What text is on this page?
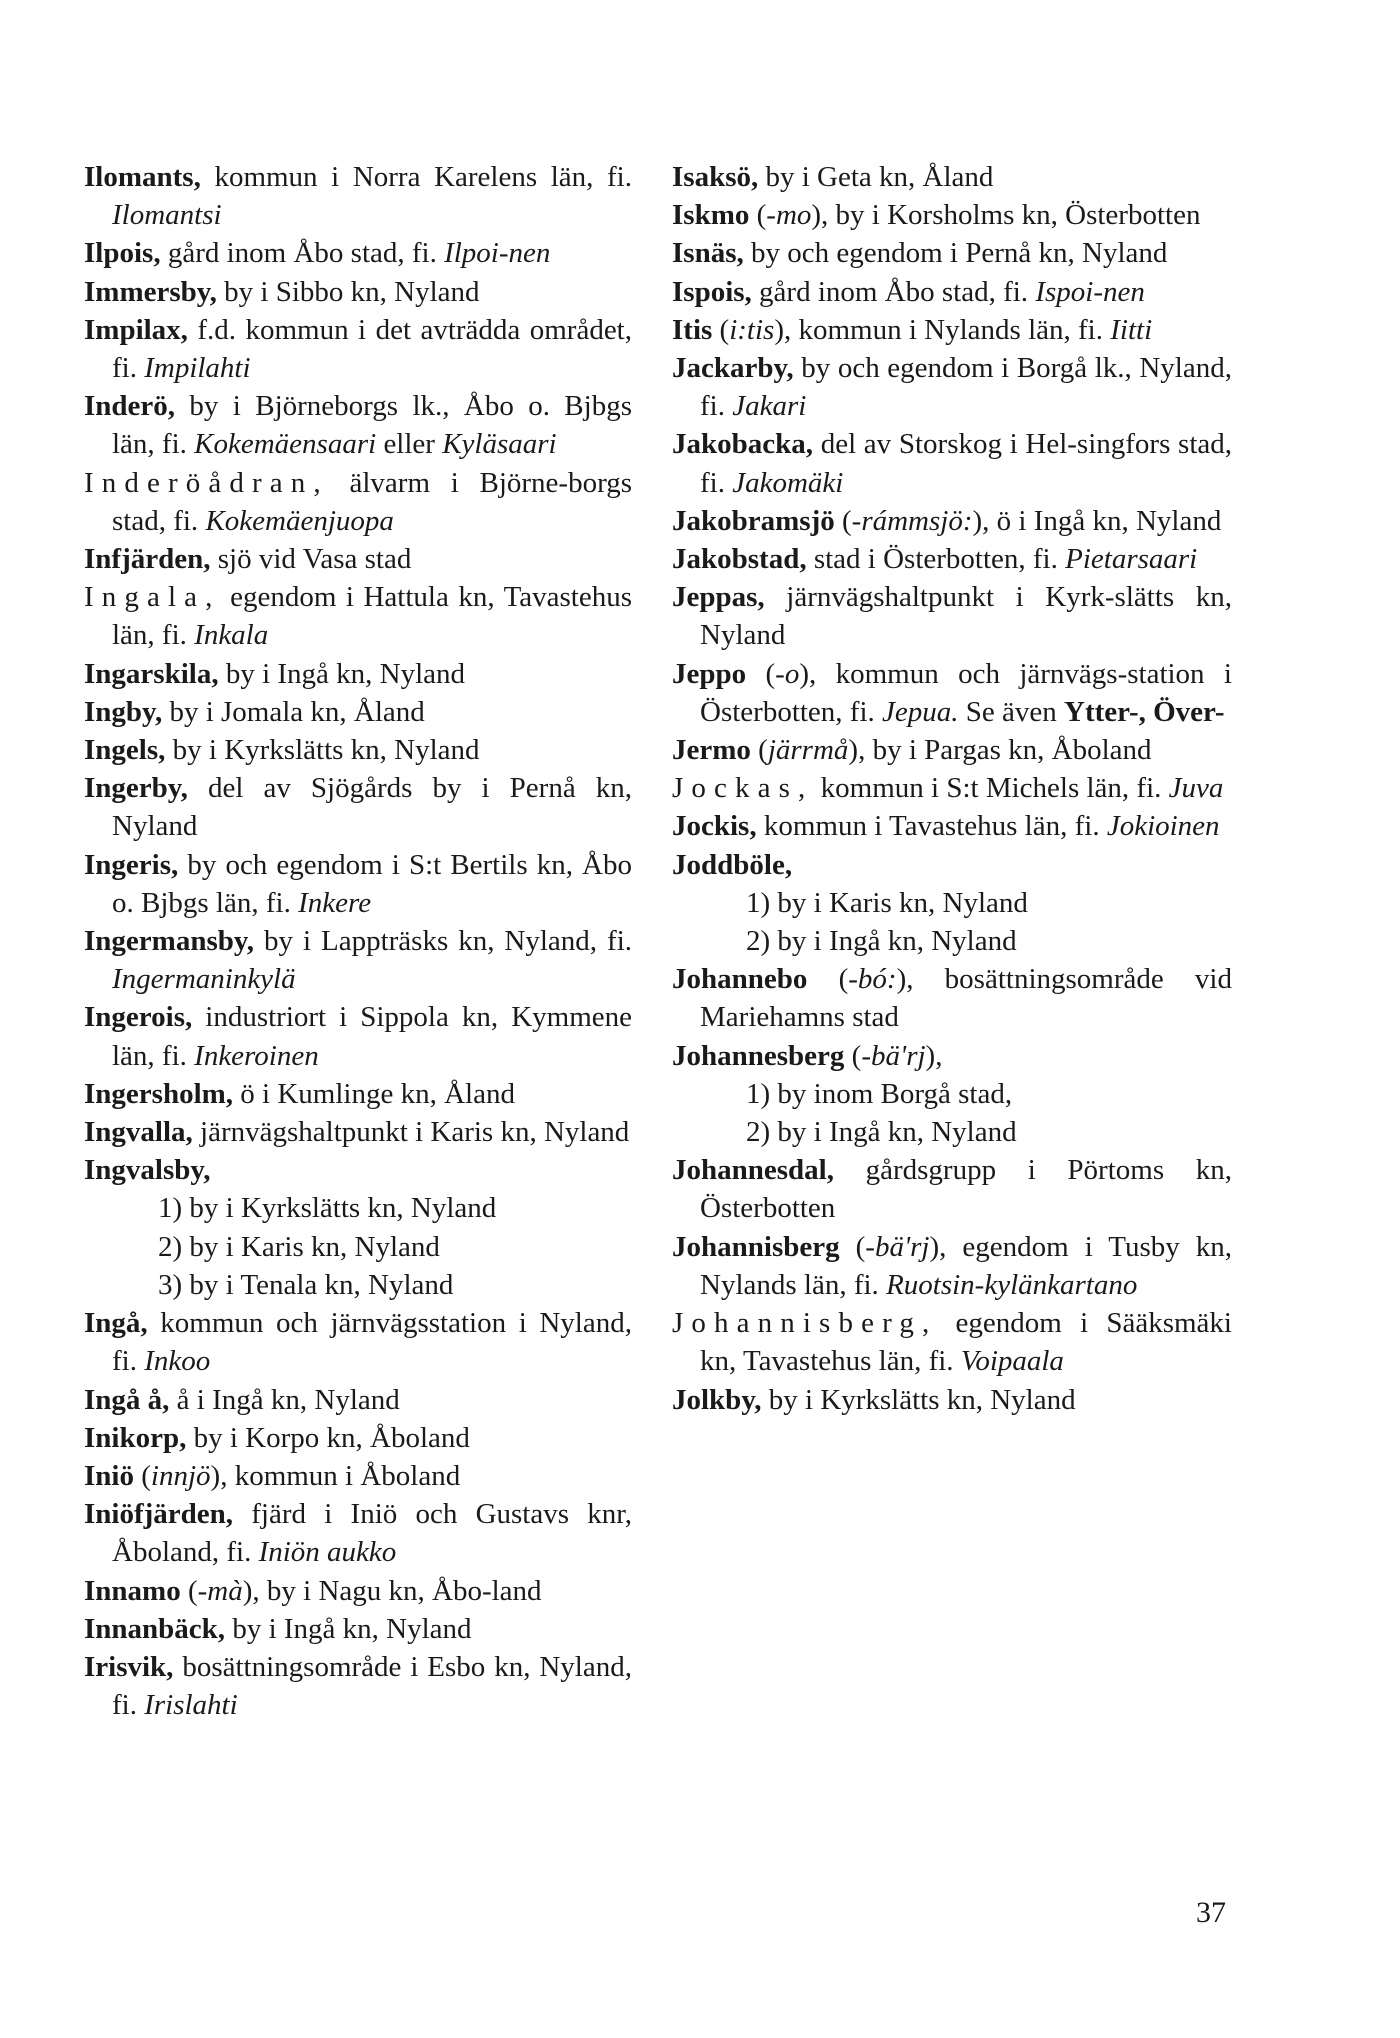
Ilomants, kommun i Norra Karelens län, fi. Ilomantsi
Ilpois, gård inom Åbo stad, fi. Ilpoi-nen
Immersby, by i Sibbo kn, Nyland
Impilax, f.d. kommun i det avträdda området, fi. Impilahti
Inderö, by i Björneborgs lk., Åbo o. Bjbgs län, fi. Kokemäensaari eller Kyläsaari
Inderöådran, älvarm i Björne-borgs stad, fi. Kokemäenjuopa
Infjärden, sjö vid Vasa stad
Ingala, egendom i Hattula kn, Tavastehus län, fi. Inkala
Ingarskila, by i Ingå kn, Nyland
Ingby, by i Jomala kn, Åland
Ingels, by i Kyrkslätts kn, Nyland
Ingerby, del av Sjögårds by i Pernå kn, Nyland
Ingeris, by och egendom i S:t Bertils kn, Åbo o. Bjbgs län, fi. Inkere
Ingermansby, by i Lappträsks kn, Nyland, fi. Ingermaninkylä
Ingerois, industriort i Sippola kn, Kymmene län, fi. Inkeroinen
Ingersholm, ö i Kumlinge kn, Åland
Ingvalla, järnvägshaltpunkt i Karis kn, Nyland
Ingvalsby,
1) by i Kyrkslätts kn, Nyland
2) by i Karis kn, Nyland
3) by i Tenala kn, Nyland
Ingå, kommun och järnvägsstation i Nyland, fi. Inkoo
Ingå å, å i Ingå kn, Nyland
Inikorp, by i Korpo kn, Åboland
Iniö (innjö), kommun i Åboland
Iniöfjärden, fjärd i Iniö och Gustavs knr, Åboland, fi. Iniön aukko
Innamo (-mà), by i Nagu kn, Åbo-land
Innanbäck, by i Ingå kn, Nyland
Irisvik, bosättningsområde i Esbo kn, Nyland, fi. Irislahti
Isaksö, by i Geta kn, Åland
Iskmo (-mo), by i Korsholms kn, Österbotten
Isnäs, by och egendom i Pernå kn, Nyland
Ispois, gård inom Åbo stad, fi. Ispoi-nen
Itis (i:tis), kommun i Nylands län, fi. Iitti
Jackarby, by och egendom i Borgå lk., Nyland, fi. Jakari
Jakobacka, del av Storskog i Hel-singfors stad, fi. Jakomäki
Jakobramsjö (-rámmsjö:), ö i Ingå kn, Nyland
Jakobstad, stad i Österbotten, fi. Pietarsaari
Jeppas, järnvägshaltpunkt i Kyrk-slätts kn, Nyland
Jeppo (-o), kommun och järnvägs-station i Österbotten, fi. Jepua. Se även Ytter-, Över-
Jermo (järrmå), by i Pargas kn, Åboland
Jockas, kommun i S:t Michels län, fi. Juva
Jockis, kommun i Tavastehus län, fi. Jokioinen
Joddböle,
1) by i Karis kn, Nyland
2) by i Ingå kn, Nyland
Johannebo (-bó:), bosättningsområde vid Mariehamns stad
Johannesberg (-bä'rj),
1) by inom Borgå stad,
2) by i Ingå kn, Nyland
Johannesdal, gårdsgrupp i Pörtoms kn, Österbotten
Johannisberg (-bä'rj), egendom i Tusby kn, Nylands län, fi. Ruotsin-kylänkartano
Johannisberg, egendom i Sääksmäki kn, Tavastehus län, fi. Voipaala
Jolkby, by i Kyrkslätts kn, Nyland
37
